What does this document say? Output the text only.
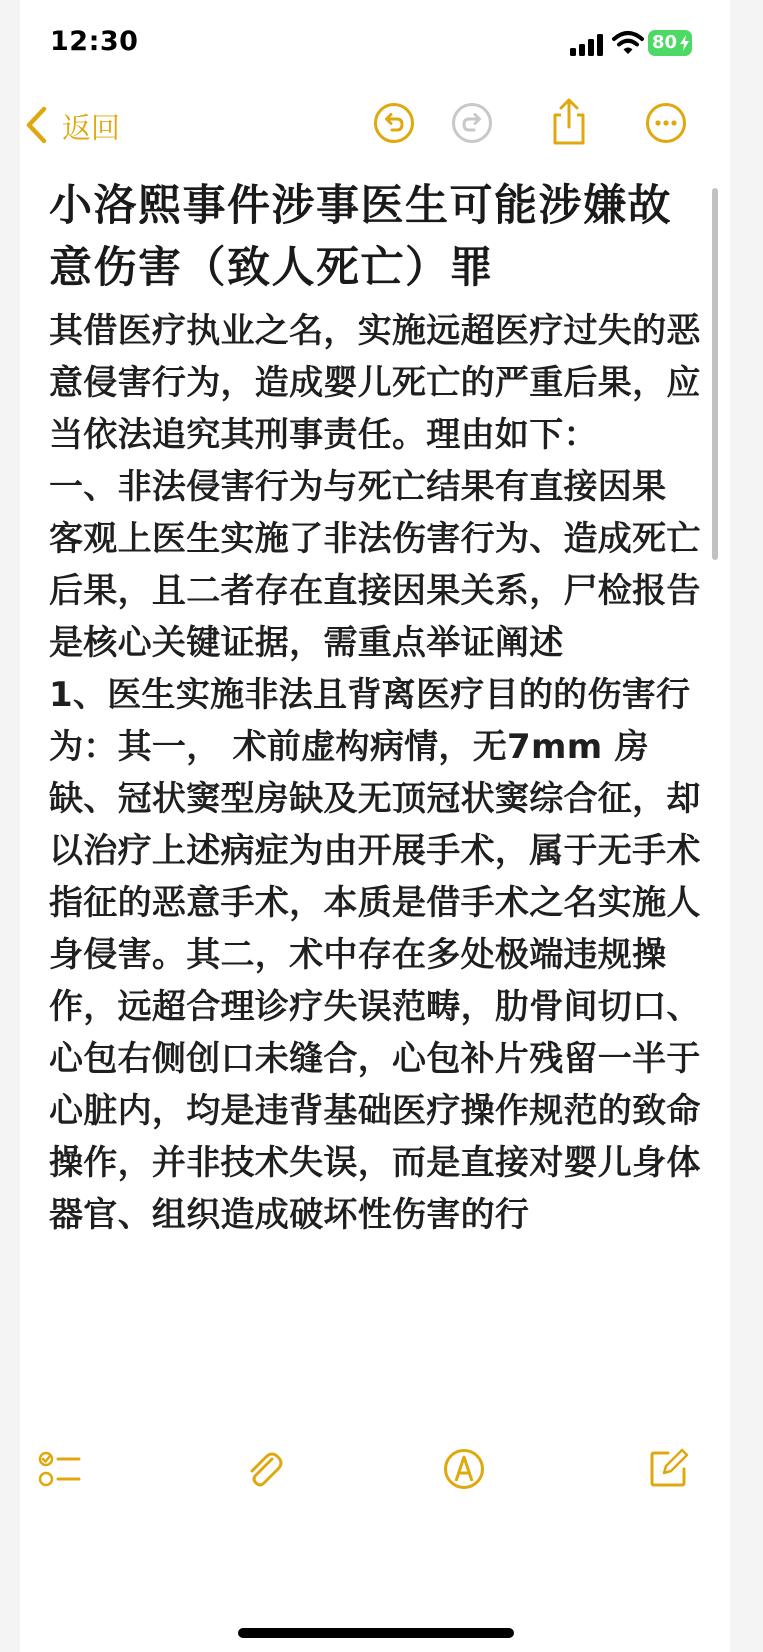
12:30	80
返回
小洛熙事件涉事医生可能涉嫌故意伤害（致人死亡）罪

其借医疗执业之名，实施远超医疗过失的恶意侵害行为，造成婴儿死亡的严重后果，应当依法追究其刑事责任。理由如下：

一、非法侵害行为与死亡结果有直接因果

客观上医生实施了非法伤害行为、造成死亡后果，且二者存在直接因果关系，尸检报告是核心关键证据，需重点举证阐述

1、医生实施非法且背离医疗目的的伤害行为：其一， 术前虚构病情，无7mm 房缺、冠状窦型房缺及无顶冠状窦综合征，却以治疗上述病症为由开展手术，属于无手术指征的恶意手术，本质是借手术之名实施人身侵害。其二，术中存在多处极端违规操作，远超合理诊疗失误范畴，肋骨间切口、心包右侧创口未缝合，心包补片残留一半于心脏内，均是违背基础医疗操作规范的致命操作，并非技术失误，而是直接对婴儿身体器官、组织造成破坏性伤害的行
